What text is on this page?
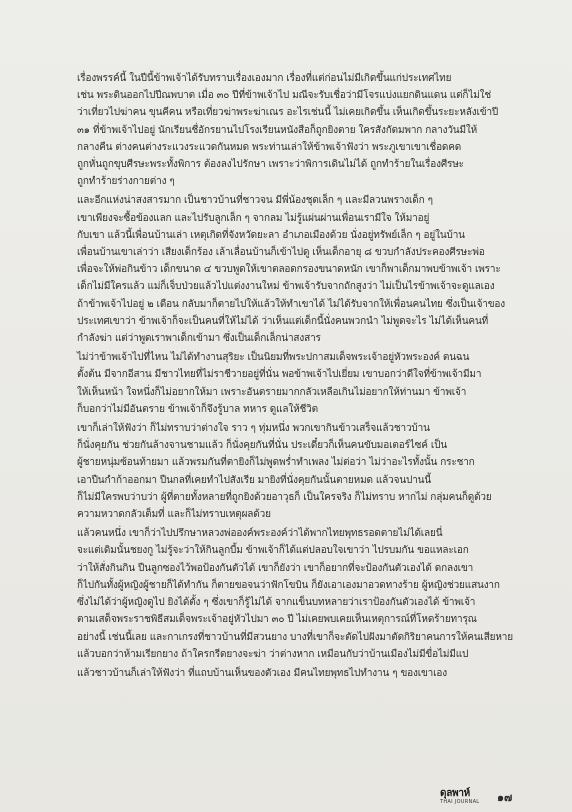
เรื่องพรรค์นี้ ในปีนี้ข้าพเจ้าได้รับทราบเรื่องเองมาก เรื่องที่แต่ก่อนไม่มีเกิดขึ้นแก่ประเทศไทย
เช่น พระดินออกไปปีณพบาต เมื่อ ๓๐ ปีที่ข้าพเจ้าไป มณีจะรับเชื่อว่ามีโจรแบ่งแยกดินแดน แต่ก็ไม่ใช่
ว่าเที่ยวไปฆ่าคน ขุนคีคน หรือเที่ยวฆ่าพระฆ่าเณร อะไรเช่นนี้ ไม่เคยเกิดขึ้น เห็นเกิดขึ้นระยะหลังเข้าปี
๓๑ ที่ข้าพเจ้าไปอยู่ นักเรียนชื่อักรยานไปโรงเรียนหนังสือก็ถูกยิงตาย ใครสังกัดมพาก กลางวันมีให้
กลางคืน ต่างคนต่างระแวงระแวดกันหมด พระท่านเล่าให้ข้าพเจ้าฟังว่า พระภูเขาเขาเชื่อดคด
ถูกหั่นถูกขุบศีรษะพระทั้งพิการ ต้องลงไปรักษา เพราะว่าพิการเดินไม่ได้ ถูกทำร้ายในเรื่องศีรษะ
ถูกทำร้ายร่างกายต่าง ๆ
และอีกแห่งน่าสงสารมาก เป็นชาวบ้านที่ชาวจน มีพี่น้องชุดเล็ก ๆ และมีลวนพรางเด็ก ๆ
เขาเพียงจะซื้อข้องแลก และไปรับลูกเล็ก ๆ จากลม ไม่รู้แผ่นผ่านเพื่อนเรามีใจ ให้มาอยู่
กับเขา แล้วนี้เพื่อนบ้านเล่า เหตุเกิดที่จังหวัดยะลา อำเภอเมืองด้วย นั่งอยู่ทรัพย์เล็ก ๆ อยู่ในบ้าน
เพื่อนบ้านเขาเล่าว่า เสียงเด็กร้อง เล้าเลื่อนบ้านก็เข้าไปดู เห็นเด็กอายุ ๘ ขวบกำลังประคองศีรษะพ่อ
เพื่อจะให้พ่อกินข้าว เด็กขนาด ๔ ขวบพูดให้เขาตลอดกรองขนาดหนัก เขาก็พาเด็กมาพบข้าพเจ้า เพราะ
เด็กไม่มีใครแล้ว แม่ก็เจ็บป่วยแล้วไปแต่งงานใหม่ ข้าพเจ้ารับจากถักสูงว่า ไม่เป็นไรข้าพเจ้าจะดูแลเอง
ถ้าข้าพเจ้าไปอยู่ ๒ เดือน กลับมาก็ตายไปให้แล้วให้ทำเขาได้ ไม่ได้รับจากให้เพื่อนคนไทย ซึ่งเป็นเจ้าของ
ประเทศเขาว่า ข้าพเจ้าก็จะเป็นคนที่ให้ไม่ได้ ว่าเห็นแต่เด็กนี้นั่งคนพวกนำ ไม่พูดจะไร ไม่ได้เห็นคนที่
กำลังฆ่า แต่ว่าพูดเราพาเด็กเข้ามา ซึ่งเป็นเด็กเล็กน่าสงสาร
ไม่ว่าข้าพเจ้าไปที่ไหน ไม่ได้ทำงานสุริยะ เป็นนิยมที่พระปกาสมเด็จพระเจ้าอยู่หัวพระองค์ ตนฉน
ตั้งต้น มีจากอีสาน มีชาวไทยที่ไม่ราชีวายอยู่ที่นั่น พอข้าพเจ้าไปเยี่ยม เขาบอกว่าดีใจที่ข้าพเจ้ามีมา
ให้เห็นหน้า ใจหนึ่งก็ไม่อยากให้มา เพราะอันตรายมากกลัวเหลือเกินไม่อยากให้ท่านมา ข้าพเจ้า
ก็บอกว่าไม่มีอันตราย ข้าพเจ้าก็จึงรู้บาล ทหาร ดูแลให้ชีวิต
เขาก็เล่าให้ฟังว่า ก็ไม่ทราบว่าต่างใจ ราว ๆ ทุ่มหนึ่ง พวกเขากินข้าวเสร็จแล้วชาวบ้าน
ก็นั่งคุยกัน ช่วยกันล้างจานชามแล้ว ก็นั่งคุยกันที่นั่น ประเดี๋ยวก็เห็นคนขับมอเตอร์ไซค์ เป็น
ผู้ชายหนุ่มซ้อนท้ายมา แล้วพรมกันที่ตายิงก็ไม่พูดพร่ำทำเพลง ไม่ต่อว่า ไม่ว่าอะไรทั้งนั้น กระชาก
เอาปืนกำก้าออกมา ปืนกลที่เคยทำไปสังเรีย มายิงที่นั่งคุยกันนั้นตายหมด แล้วจนปานนี้
ก็ไม่มีใครพบว่าบว่า ผู้ที่ตายทั้งหลายที่ถูกยิงด้วยอาวุธก็ เป็นใครจริง ก็ไม่ทราบ หากไม่ กลุ่มคนก็ดูด้วย
ความหวาดกลัวเต็มที่ และก็ไม่ทราบเหตุผลด้วย
แล้วคนหนึ่ง เขาก็ว่าไปปรึกษาหลวงพ่อองค์พระองค์ว่าได้พากไทยพุทธรอดตายไม่ได้เลยนี่
จะแต่เดิมนั้นชยงกู ไม่รู้จะว่าให้กินลูกบี้ม ข้าพเจ้าก็ได้แต่ปลอบใจเขาว่า ไปรบมกัน ขอแหละเอก
ว่าให้สั่งกินกิน ปืนลูกซองไว้พอป้องกันตัวได้ เขาก็ยังว่า เขาก็อยากที่จะป้องกันตัวเองได้ ดกลงเขา
ก็ไปกันทั้งผู้หญิงผู้ชายก็ได้ทำกัน ก็ตายขอจนว่าฟักโขบิน ก็ยังเอาเองมาอวดทางร้าย ผู้หญิงช่วยแสนงาก
ซึ่งไม่ได้ว่าผู้หญิงดูไป ยิงได้ตั้ง ๆ ซึ่งเขาก็รู้ไม่ได้ จากแข็นบทหลายว่าเราป้องกันตัวเองได้ ข้าพเจ้า
ตามเสด็จพระราชพิธีสมเด็จพระเจ้าอยู่หัวไปมา ๓๐ ปี ไม่เคยพบเคยเห็นเหตุการณ์ที่โหดร้ายทารุณ
อย่างนี้ เช่นนี้เลย และกาเกรงที่ชาวบ้านที่มีสวนยาง บางที่เขาก็จะตัดไปฝังมาตัดกิริยาคนการให้คนเสียหาย
แล้วบอกว่าห้ามเรียกยาง ถ้าใครกรีดยางจะฆ่า ว่าต่างหาก เหมือนกับว่าบ้านเมืองไม่มีขื่อไม่มีแป
แล้วชาวบ้านก็เล่าให้ฟังว่า ที่แถบบ้านเห็นของตัวเอง มีคนไทยพุทธไปทำงาน ๆ ของเขาเอง
ดุลพาห์
THAI JOURNAL ๑๗
